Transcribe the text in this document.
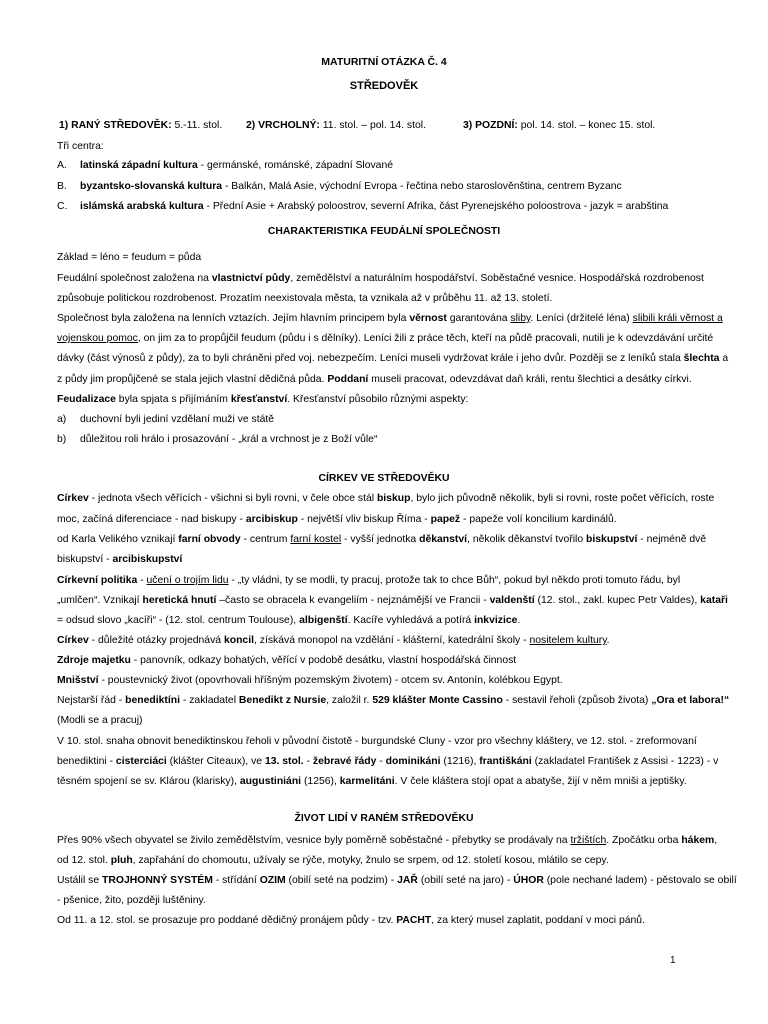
MATURITNÍ OTÁZKA Č. 4
STŘEDOVĚK
1) RANÝ STŘEDOVĚK: 5.-11. stol. 2) VRCHOLNÝ: 11. stol. – pol. 14. stol.	3) POZDNÍ: pol. 14. stol. – konec 15. stol.
Tři centra:
A. latinská západní kultura - germánské, románské, západní Slované
B. byzantsko-slovanská kultura - Balkán, Malá Asie, východní Evropa - řečtina nebo staroslověnština, centrem Byzanc
C. islámská arabská kultura - Přední Asie + Arabský poloostrov, severní Afrika, část Pyrenejského poloostrova - jazyk = arabština
CHARAKTERISTIKA FEUDÁLNÍ SPOLEČNOSTI
Základ = léno = feudum = půda
Feudální společnost založena na vlastnictví půdy, zemědělství a naturálním hospodářství. Soběstačné vesnice. Hospodářská rozdrobenost
způsobuje politickou rozdrobenost. Prozatím neexistovala města, ta vznikala až v průběhu 11. až 13. století.
Společnost byla založena na lenních vztazích. Jejím hlavním principem byla věrnost garantována sliby. Leníci (držitelé léna) slibili králi věrnost a
vojenskou pomoc, on jim za to propůjčil feudum (půdu i s dělníky). Leníci žili z práce těch, kteří na půdě pracovali, nutili je k odevzdávání určité
dávky (část výnosů z půdy), za to byli chráněni před voj. nebezpečím. Leníci museli vydržovat krále i jeho dvůr. Později se z leníků stala šlechta a
z půdy jim propůjčené se stala jejich vlastní dědičná půda. Poddaní museli pracovat, odevzdávat daň králi, rentu šlechtici a desátky církvi.
Feudalizace byla spjata s přijímáním křesťanství. Křesťanství působilo různými aspekty:
a) duchovní byli jediní vzdělaní muži ve státě
b) důležitou roli hrálo i prosazování - „král a vrchnost je z Boží vůle“
CÍRKEV VE STŘEDOVĚKU
Církev - jednota všech věřících - všichni si byli rovni, v čele obce stál biskup, bylo jich původně několik, byli si rovni, roste počet věřících, roste
moc, začíná diferenciace - nad biskupy - arcibiskup - největší vliv biskup Říma - papež - papeže volí koncilium kardinálů.
od Karla Velikého vznikají farní obvody - centrum farní kostel - vyšší jednotka děkanství, několik děkanství tvořilo biskupství - nejméně dvě
biskupství - arcibiskupství
Církevní politika - učení o trojím lidu - „ty vládni, ty se modli, ty pracuj, protože tak to chce Bůh“, pokud byl někdo proti tomuto řádu, byl
„umlčen“. Vznikají heretická hnutí –často se obracela k evangeliím - nejznámější ve Francii - valdenští (12. stol., zakl. kupec Petr Valdes), kataři
= odsud slovo „kacíři“ - (12. stol. centrum Toulouse), albigenští. Kacíře vyhledává a potírá inkvizice.
Církev - důležité otázky projednává koncil, získává monopol na vzdělání - klášterní, katedrální školy - nositelem kultury.
Zdroje majetku - panovník, odkazy bohatých, věřící v podobě desátku, vlastní hospodářská činnost
Mnišství - poustevnický život (opovrhovali hříšným pozemským životem) - otcem sv. Antonín, kolébkou Egypt.
Nejstarší řád - benediktíni - zakladatel Benedikt z Nursie, založil r. 529 klášter Monte Cassino - sestavil řeholi (způsob života) „Ora et labora!“
(Modli se a pracuj)
V 10. stol. snaha obnovit benediktinskou řeholi v původní čistotě - burgundské Cluny - vzor pro všechny kláštery, ve 12. stol. - zreformovaní
benediktini - cisterciáci (klášter Citeaux), ve 13. stol. - žebravé řády - dominikáni (1216), františkáni (zakladatel František z Assisi - 1223) - v
těsném spojení se sv. Klárou (klarisky), augustiniáni (1256), karmelitáni. V čele kláštera stojí opat a abatyše, žijí v něm mniši a jeptišky.
ŽIVOT LIDÍ V RANÉM STŘEDOVĚKU
Přes 90% všech obyvatel se živilo zemědělstvím, vesnice byly poměrně soběstačné - přebytky se prodávaly na tržištích. Zpočátku orba hákem,
od 12. stol. pluh, zapřahání do chomoutu, užívaly se rýče, motyky, žnulo se srpem, od 12. století kosou, mlátilo se cepy.
Ustálil se TROJHONNÝ SYSTÉM - střídání OZIM (obilí seté na podzim) - JAŘ (obilí seté na jaro) - ÚHOR (pole nechané ladem) - pěstovalo se obilí
- pšenice, žito, později luštěniny.
Od 11. a 12. stol. se prosazuje pro poddané dědičný pronájem půdy - tzv. PACHT, za který musel zaplatit, poddaní v moci pánů.
1
